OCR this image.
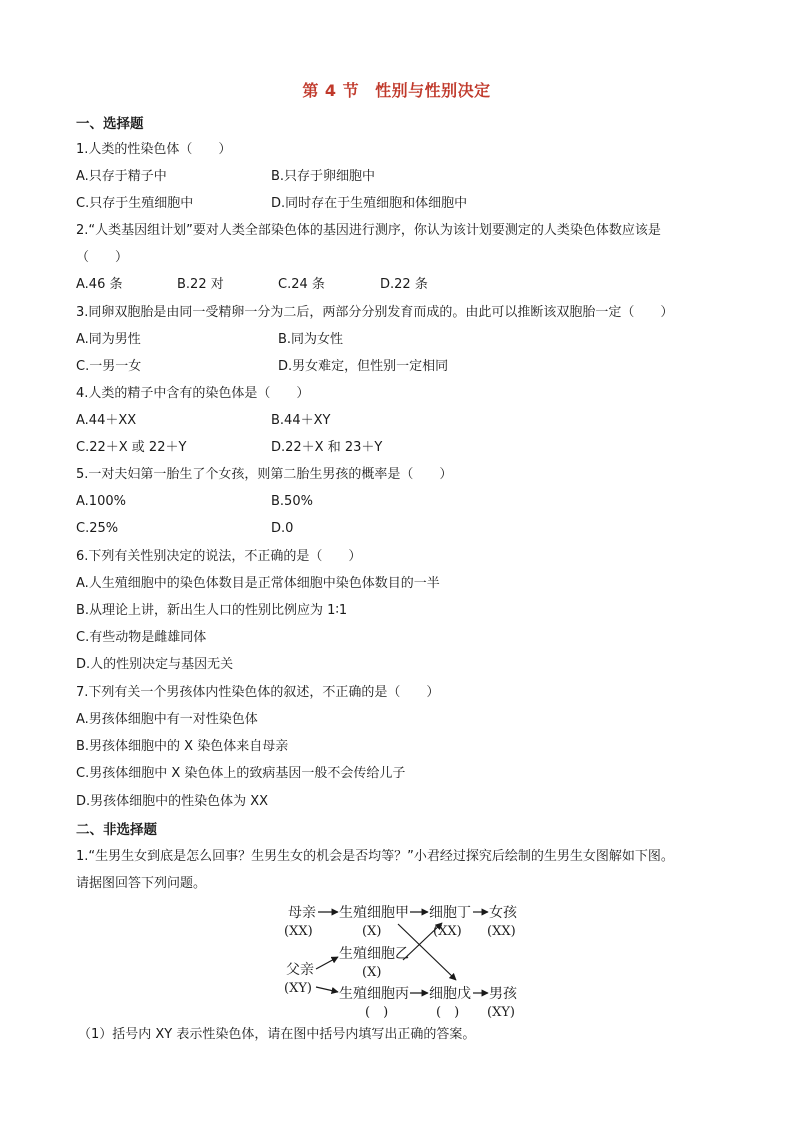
第 4 节 性别与性别决定
一、选择题
1.人类的性染色体（　　）
A.只存于精子中	B.只存于卵细胞中
C.只存于生殖细胞中	D.同时存在于生殖细胞和体细胞中
2.“人类基因组计划”要对人类全部染色体的基因进行测序，你认为该计划要测定的人类染色体数应该是
（　　）
A.46 条	B.22 对	C.24 条	D.22 条
3.同卵双胞胎是由同一受精卵一分为二后，两部分分别发育而成的。由此可以推断该双胞胎一定（　　）
A.同为男性	B.同为女性
C.一男一女	D.男女难定，但性别一定相同
4.人类的精子中含有的染色体是（　　）
A.44＋XX	B.44＋XY
C.22＋X 或 22＋Y	D.22＋X 和 23＋Y
5.一对夫妇第一胎生了个女孩，则第二胎生男孩的概率是（　　）
A.100%	B.50%
C.25%	D.0
6.下列有关性别决定的说法，不正确的是（　　）
A.人生殖细胞中的染色体数目是正常体细胞中染色体数目的一半
B.从理论上讲，新出生人口的性别比例应为 1∶1
C.有些动物是雌雄同体
D.人的性别决定与基因无关
7.下列有关一个男孩体内性染色体的叙述，不正确的是（　　）
A.男孩体细胞中有一对性染色体
B.男孩体细胞中的 X 染色体来自母亲
C.男孩体细胞中 X 染色体上的致病基因一般不会传给儿子
D.男孩体细胞中的性染色体为 XX
二、非选择题
1.“生男生女到底是怎么回事？生男生女的机会是否均等？”小君经过探究后绘制的生男生女图解如下图。
请据图回答下列问题。
母亲
(XX)
生殖细胞甲
(X)
细胞丁
(XX)
女孩
(XX)
生殖细胞乙
(X)
父亲
(XY) 生殖细胞丙
(　)
细胞戊
(　)
男孩
(XY)
（1）括号内 XY 表示性染色体，请在图中括号内填写出正确的答案。
